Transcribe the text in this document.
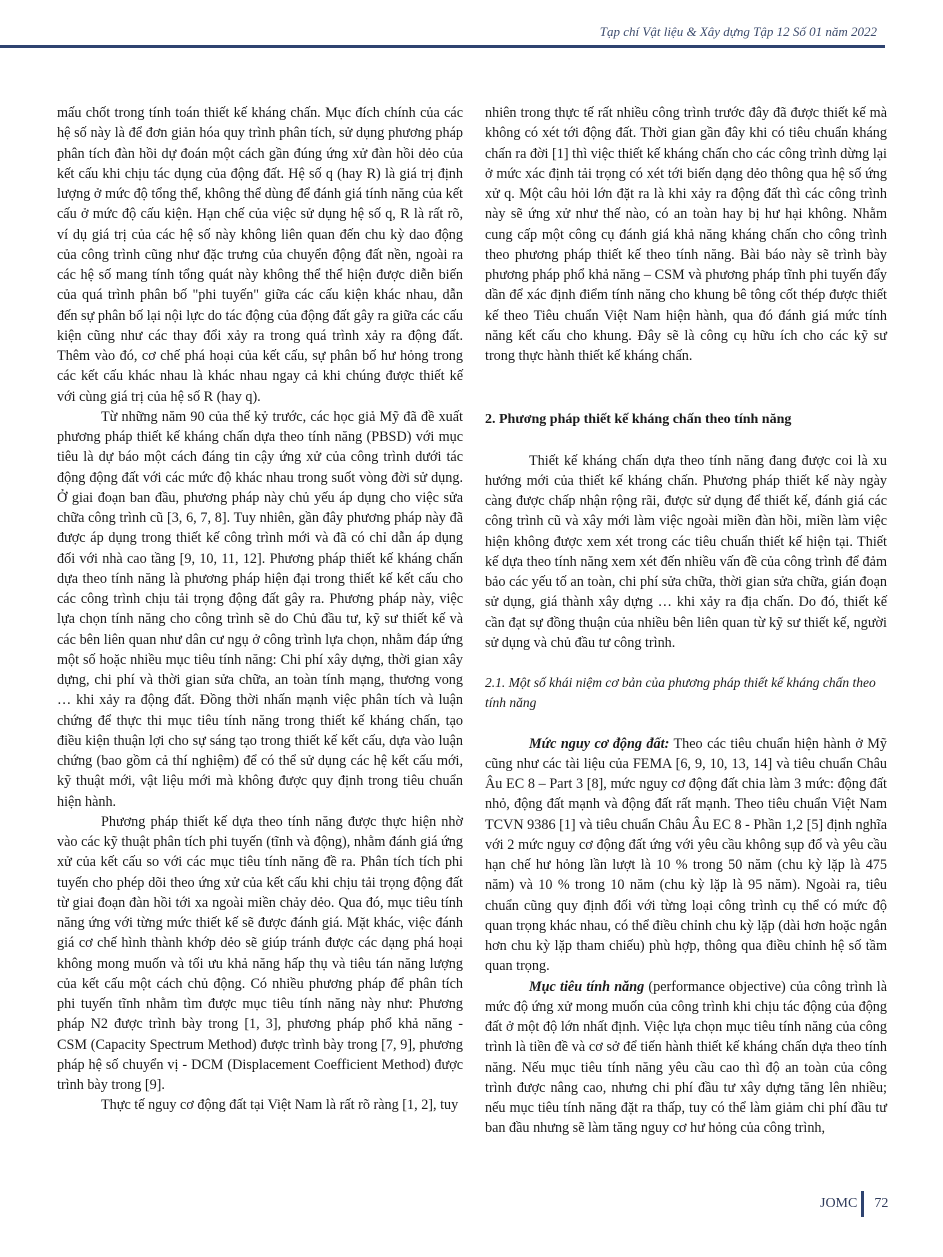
Tạp chí Vật liệu & Xây dựng Tập 12 Số 01 năm 2022

mấu chốt trong tính toán thiết kế kháng chấn. Mục đích chính của các hệ số này là để đơn giản hóa quy trình phân tích, sử dụng phương pháp phân tích đàn hồi dự đoán một cách gần đúng ứng xử đàn hồi dẻo của kết cấu khi chịu tác dụng của động đất. Hệ số q (hay R) là giá trị định lượng ở mức độ tổng thể, không thể dùng để đánh giá tính năng của kết cấu ở mức độ cấu kiện. Hạn chế của việc sử dụng hệ số q, R là rất rõ, ví dụ giá trị của các hệ số này không liên quan đến chu kỳ dao động của công trình cũng như đặc trưng của chuyển động đất nền, ngoài ra các hệ số mang tính tổng quát này không thể thể hiện được diễn biến của quá trình phân bố "phi tuyến" giữa các cấu kiện khác nhau, dẫn đến sự phân bố lại nội lực do tác động của động đất gây ra giữa các cấu kiện cũng như các thay đổi xảy ra trong quá trình xảy ra động đất. Thêm vào đó, cơ chế phá hoại của kết cấu, sự phân bố hư hỏng trong các kết cấu khác nhau là khác nhau ngay cả khi chúng được thiết kế với cùng giá trị của hệ số R (hay q).

Từ những năm 90 của thế kỷ trước, các học giả Mỹ đã đề xuất phương pháp thiết kế kháng chấn dựa theo tính năng (PBSD) với mục tiêu là dự báo một cách đáng tin cậy ứng xử của công trình dưới tác động động đất với các mức độ khác nhau trong suốt vòng đời sử dụng. Ở giai đoạn ban đầu, phương pháp này chủ yếu áp dụng cho việc sửa chữa công trình cũ [3, 6, 7, 8]. Tuy nhiên, gần đây phương pháp này đã được áp dụng trong thiết kế công trình mới và đã có chỉ dẫn áp dụng đối với nhà cao tầng [9, 10, 11, 12]. Phương pháp thiết kế kháng chấn dựa theo tính năng là phương pháp hiện đại trong thiết kế kết cấu cho các công trình chịu tải trọng động đất gây ra. Phương pháp này, việc lựa chọn tính năng cho công trình sẽ do Chủ đầu tư, kỹ sư thiết kế và các bên liên quan như dân cư ngụ ở công trình lựa chọn, nhằm đáp ứng một số hoặc nhiều mục tiêu tính năng: Chi phí xây dựng, thời gian xây dựng, chi phí và thời gian sửa chữa, an toàn tính mạng, thương vong … khi xảy ra động đất. Đồng thời nhấn mạnh việc phân tích và luận chứng để thực thi mục tiêu tính năng trong thiết kế kháng chấn, tạo điều kiện thuận lợi cho sự sáng tạo trong thiết kế kết cấu, dựa vào luận chứng (bao gồm cả thí nghiệm) để có thể sử dụng các hệ kết cấu mới, kỹ thuật mới, vật liệu mới mà không được quy định trong tiêu chuẩn hiện hành.

Phương pháp thiết kế dựa theo tính năng được thực hiện nhờ vào các kỹ thuật phân tích phi tuyến (tĩnh và động), nhằm đánh giá ứng xử của kết cấu so với các mục tiêu tính năng đề ra. Phân tích tích phi tuyến cho phép dõi theo ứng xử của kết cấu khi chịu tải trọng động đất từ giai đoạn đàn hồi tới xa ngoài miền chảy dẻo. Qua đó, mục tiêu tính năng ứng với từng mức thiết kế sẽ được đánh giá. Mặt khác, việc đánh giá cơ chế hình thành khớp dẻo sẽ giúp tránh được các dạng phá hoại không mong muốn và tối ưu khả năng hấp thụ và tiêu tán năng lượng của kết cấu một cách chủ động. Có nhiều phương pháp để phân tích phi tuyến tĩnh nhằm tìm được mục tiêu tính năng này như: Phương pháp N2 được trình bày trong [1, 3], phương pháp phổ khả năng - CSM (Capacity Spectrum Method) được trình bày trong [7, 9], phương pháp hệ số chuyển vị - DCM (Displacement Coefficient Method) được trình bày trong [9].

Thực tế nguy cơ động đất tại Việt Nam là rất rõ ràng [1, 2], tuy

nhiên trong thực tế rất nhiều công trình trước đây đã được thiết kế mà không có xét tới động đất. Thời gian gần đây khi có tiêu chuẩn kháng chấn ra đời [1] thì việc thiết kế kháng chấn cho các công trình dừng lại ở mức xác định tải trọng có xét tới biến dạng dẻo thông qua hệ số ứng xử q. Một câu hỏi lớn đặt ra là khi xảy ra động đất thì các công trình này sẽ ứng xử như thế nào, có an toàn hay bị hư hại không. Nhằm cung cấp một công cụ đánh giá khả năng kháng chấn cho công trình theo phương pháp thiết kế theo tính năng. Bài báo này sẽ trình bày phương pháp phổ khả năng – CSM và phương pháp tĩnh phi tuyến đẩy dần để xác định điểm tính năng cho khung bê tông cốt thép được thiết kế theo Tiêu chuẩn Việt Nam hiện hành, qua đó đánh giá mức tính năng kết cấu cho khung. Đây sẽ là công cụ hữu ích cho các kỹ sư trong thực hành thiết kế kháng chấn.

2. Phương pháp thiết kế kháng chấn theo tính năng

Thiết kế kháng chấn dựa theo tính năng đang được coi là xu hướng mới của thiết kế kháng chấn. Phương pháp thiết kế này ngày càng được chấp nhận rộng rãi, được sử dụng để thiết kế, đánh giá các công trình cũ và xây mới làm việc ngoài miền đàn hồi, miền làm việc hiện không được xem xét trong các tiêu chuẩn thiết kế hiện tại. Thiết kế dựa theo tính năng xem xét đến nhiều vấn đề của công trình để đảm bảo các yếu tố an toàn, chi phí sửa chữa, thời gian sửa chữa, gián đoạn sử dụng, giá thành xây dựng … khi xảy ra địa chấn. Do đó, thiết kế cần đạt sự đồng thuận của nhiều bên liên quan từ kỹ sư thiết kế, người sử dụng và chủ đầu tư công trình.

2.1. Một số khái niệm cơ bản của phương pháp thiết kế kháng chấn theo tính năng

Mức nguy cơ động đất: Theo các tiêu chuẩn hiện hành ở Mỹ cũng như các tài liệu của FEMA [6, 9, 10, 13, 14] và tiêu chuẩn Châu Âu EC 8 – Part 3 [8], mức nguy cơ động đất chia làm 3 mức: động đất nhỏ, động đất mạnh và động đất rất mạnh. Theo tiêu chuẩn Việt Nam TCVN 9386 [1] và tiêu chuẩn Châu Âu EC 8 - Phần 1,2 [5] định nghĩa với 2 mức nguy cơ động đất ứng với yêu cầu không sụp đổ và yêu cầu hạn chế hư hỏng lần lượt là 10 % trong 50 năm (chu kỳ lặp là 475 năm) và 10 % trong 10 năm (chu kỳ lặp là 95 năm). Ngoài ra, tiêu chuẩn cũng quy định đối với từng loại công trình cụ thể có mức độ quan trọng khác nhau, có thể điều chỉnh chu kỳ lặp (dài hơn hoặc ngắn hơn chu kỳ lặp tham chiếu) phù hợp, thông qua điều chỉnh hệ số tầm quan trọng.

Mục tiêu tính năng (performance objective) của công trình là mức độ ứng xử mong muốn của công trình khi chịu tác động của động đất ở một độ lớn nhất định. Việc lựa chọn mục tiêu tính năng của công trình là tiền đề và cơ sở để tiến hành thiết kế kháng chấn dựa theo tính năng. Nếu mục tiêu tính năng yêu cầu cao thì độ an toàn của công trình được nâng cao, nhưng chi phí đầu tư xây dựng tăng lên nhiều; nếu mục tiêu tính năng đặt ra thấp, tuy có thể làm giảm chi phí đầu tư ban đầu nhưng sẽ làm tăng nguy cơ hư hỏng của công trình,

JOMC 72
